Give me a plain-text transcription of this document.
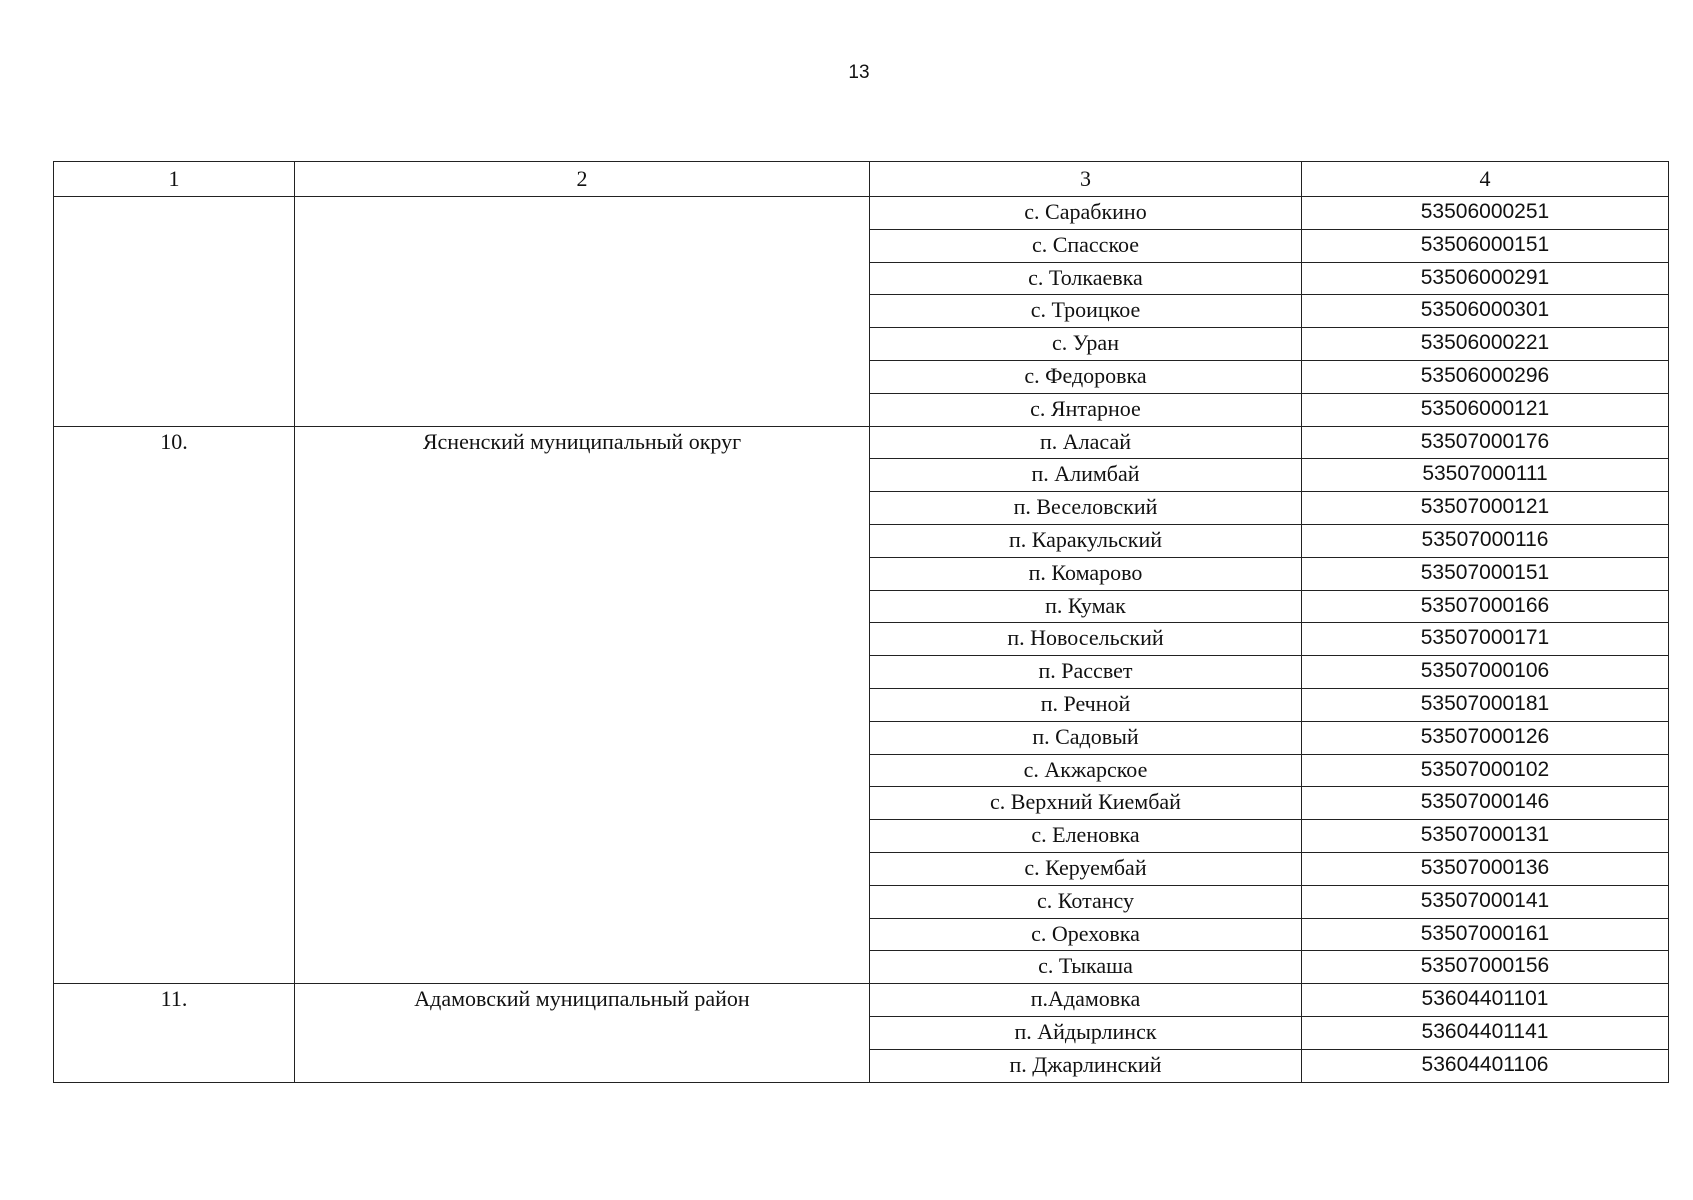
13
1	2	3	4
		с. Сарабкино	53506000251
		с. Спасское	53506000151
		с. Толкаевка	53506000291
		с. Троицкое	53506000301
		с. Уран	53506000221
		с. Федоровка	53506000296
		с. Янтарное	53506000121
10.	Ясненский муниципальный округ	п. Аласай	53507000176
		п. Алимбай	53507000111
		п. Веселовский	53507000121
		п. Каракульский	53507000116
		п. Комарово	53507000151
		п. Кумак	53507000166
		п. Новосельский	53507000171
		п. Рассвет	53507000106
		п. Речной	53507000181
		п. Садовый	53507000126
		с. Акжарское	53507000102
		с. Верхний Киембай	53507000146
		с. Еленовка	53507000131
		с. Керуембай	53507000136
		с. Котансу	53507000141
		с. Ореховка	53507000161
		с. Тыкаша	53507000156
11.	Адамовский муниципальный район	п.Адамовка	53604401101
		п. Айдырлинск	53604401141
		п. Джарлинский	53604401106
